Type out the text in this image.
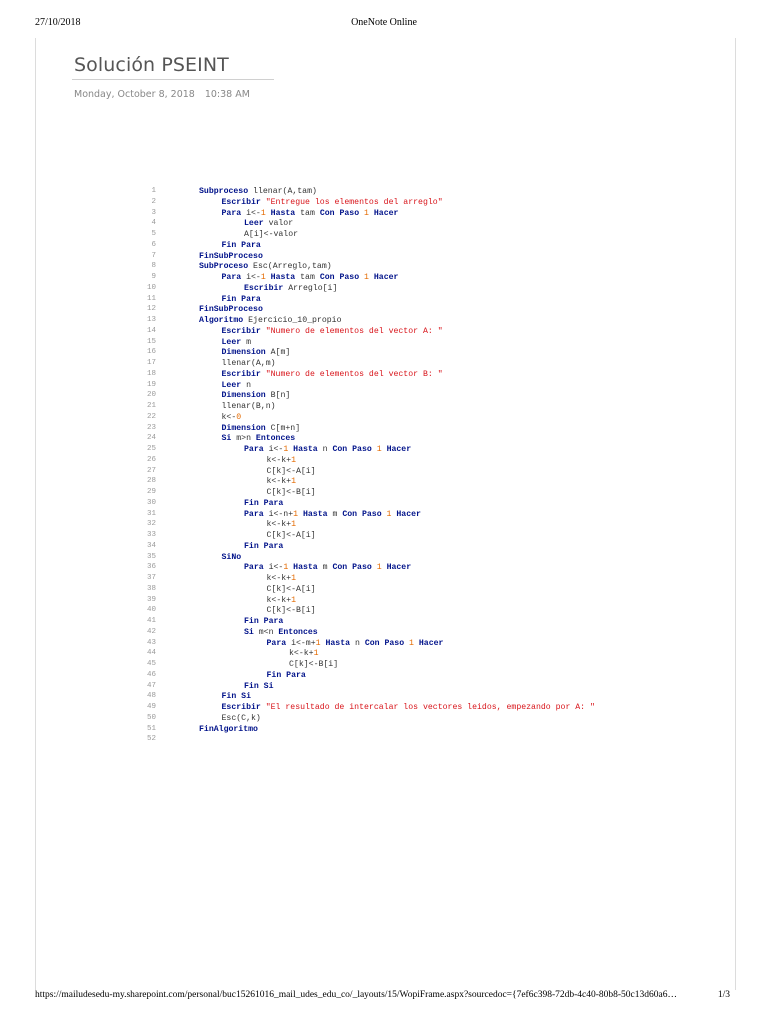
27/10/2018	OneNote Online
Solución PSEINT
Monday, October 8, 2018 10:38 AM
1	Subproceso llenar(A,tam)
2	Escribir "Entregue los elementos del arreglo"
3	Para i<-1 Hasta tam Con Paso 1 Hacer
4	Leer valor
5	A[i]<-valor
6	Fin Para
7	FinSubProceso
8	SubProceso Esc(Arreglo,tam)
9	Para i<-1 Hasta tam Con Paso 1 Hacer
10	Escribir Arreglo[i]
11	Fin Para
12	FinSubProceso
13	Algoritmo Ejercicio_10_propio
14	Escribir "Numero de elementos del vector A: "
15	Leer m
16	Dimension A[m]
17	llenar(A,m)
18	Escribir "Numero de elementos del vector B: "
19	Leer n
20	Dimension B[n]
21	llenar(B,n)
22	k<-0
23	Dimension C[m+n]
24	Si m>n Entonces
25	Para i<-1 Hasta n Con Paso 1 Hacer
26	k<-k+1
27	C[k]<-A[i]
28	k<-k+1
29	C[k]<-B[i]
30	Fin Para
31	Para i<-n+1 Hasta m Con Paso 1 Hacer
32	k<-k+1
33	C[k]<-A[i]
34	Fin Para
35	SiNo
36	Para i<-1 Hasta m Con Paso 1 Hacer
37	k<-k+1
38	C[k]<-A[i]
39	k<-k+1
40	C[k]<-B[i]
41	Fin Para
42	Si m<n Entonces
43	Para i<-m+1 Hasta n Con Paso 1 Hacer
44	k<-k+1
45	C[k]<-B[i]
46	Fin Para
47	Fin Si
48	Fin Si
49	Escribir "El resultado de intercalar los vectores leidos, empezando por A: "
50	Esc(C,k)
51	FinAlgoritmo
52
https://mailudesedu-my.sharepoint.com/personal/buc15261016_mail_udes_edu_co/_layouts/15/WopiFrame.aspx?sourcedoc={7ef6c398-72db-4c40-80b8-50c13d60a6…	1/3
